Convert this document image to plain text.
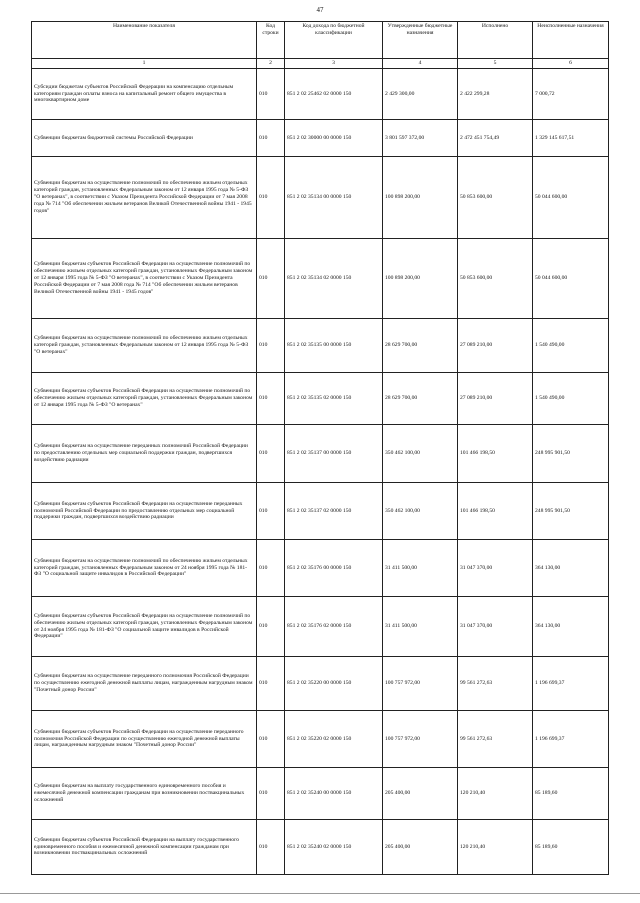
47
Наименование показателя	Код строки	Код дохода по бюджетной классификации	Утвержденные бюджетные назначения	Исполнено	Неисполненные назначения
1	2	3	4	5	6
Субсидии бюджетам субъектов Российской Федерации на компенсацию отдельным категориям граждан оплаты взноса на капитальный ремонт общего имущества в многоквартирном доме	010	851 2 02 25462 02 0000 150	2 429 300,00	2 422 299,28	7 000,72
Субвенции бюджетам бюджетной системы Российской Федерации	010	851 2 02 30000 00 0000 150	3 801 597 372,00	2 472 451 754,49	1 329 145 617,51
Субвенции бюджетам на осуществление полномочий по обеспечению жильем отдельных категорий граждан, установленных Федеральным законом от 12 января 1995 года № 5-ФЗ "О ветеранах", в соответствии с Указом Президента Российской Федерации от 7 мая 2008 года № 714 "Об обеспечении жильем ветеранов Великой Отечественной войны 1941 - 1945 годов"	010	851 2 02 35134 00 0000 150	100 898 200,00	50 853 600,00	50 044 600,00
Субвенции бюджетам субъектов Российской Федерации на осуществление полномочий по обеспечению жильем отдельных категорий граждан, установленных Федеральным законом от 12 января 1995 года № 5-ФЗ "О ветеранах", в соответствии с Указом Президента Российской Федерации от 7 мая 2008 года № 714 "Об обеспечении жильем ветеранов Великой Отечественной войны 1941 - 1945 годов"	010	851 2 02 35134 02 0000 150	100 898 200,00	50 853 600,00	50 044 600,00
Субвенции бюджетам на осуществление полномочий по обеспечению жильем отдельных категорий граждан, установленных Федеральным законом от 12 января 1995 года № 5-ФЗ "О ветеранах"	010	851 2 02 35135 00 0000 150	28 629 700,00	27 089 210,00	1 540 490,00
Субвенции бюджетам субъектов Российской Федерации на осуществление полномочий по обеспечению жильем отдельных категорий граждан, установленных Федеральным законом от 12 января 1995 года № 5-ФЗ "О ветеранах"	010	851 2 02 35135 02 0000 150	28 629 700,00	27 089 210,00	1 540 490,00
Субвенции бюджетам на осуществление переданных полномочий Российской Федерации по предоставлению отдельных мер социальной поддержки граждан, подвергшихся воздействию радиации	010	851 2 02 35137 00 0000 150	350 462 100,00	101 466 198,50	248 995 901,50
Субвенции бюджетам субъектов Российской Федерации на осуществление переданных полномочий Российской Федерации по предоставлению отдельных мер социальной поддержки граждан, подвергшихся воздействию радиации	010	851 2 02 35137 02 0000 150	350 462 100,00	101 466 198,50	248 995 901,50
Субвенции бюджетам на осуществление полномочий по обеспечению жильем отдельных категорий граждан, установленных Федеральным законом от 24 ноября 1995 года № 181-ФЗ "О социальной защите инвалидов в Российской Федерации"	010	851 2 02 35176 00 0000 150	31 411 500,00	31 047 370,00	364 130,00
Субвенции бюджетам субъектов Российской Федерации на осуществление полномочий по обеспечению жильем отдельных категорий граждан, установленных Федеральным законом от 24 ноября 1995 года № 181-ФЗ "О социальной защите инвалидов в Российской Федерации"	010	851 2 02 35176 02 0000 150	31 411 500,00	31 047 370,00	364 130,00
Субвенции бюджетам на осуществление переданного полномочия Российской Федерации по осуществлению ежегодной денежной выплаты лицам, награжденным нагрудным знаком "Почетный донор России"	010	851 2 02 35220 00 0000 150	100 757 972,00	99 561 272,63	1 196 699,37
Субвенции бюджетам субъектов Российской Федерации на осуществление переданного полномочия Российской Федерации по осуществлению ежегодной денежной выплаты лицам, награжденным нагрудным знаком "Почетный донор России"	010	851 2 02 35220 02 0000 150	100 757 972,00	99 561 272,63	1 196 699,37
Субвенции бюджетам на выплату государственного единовременного пособия и ежемесячной денежной компенсации гражданам при возникновении поствакцинальных осложнений	010	851 2 02 35240 00 0000 150	205 400,00	120 210,40	85 189,60
Субвенции бюджетам субъектов Российской Федерации на выплату государственного единовременного пособия и ежемесячной денежной компенсации гражданам при возникновении поствакцинальных осложнений	010	851 2 02 35240 02 0000 150	205 400,00	120 210,40	85 189,60
